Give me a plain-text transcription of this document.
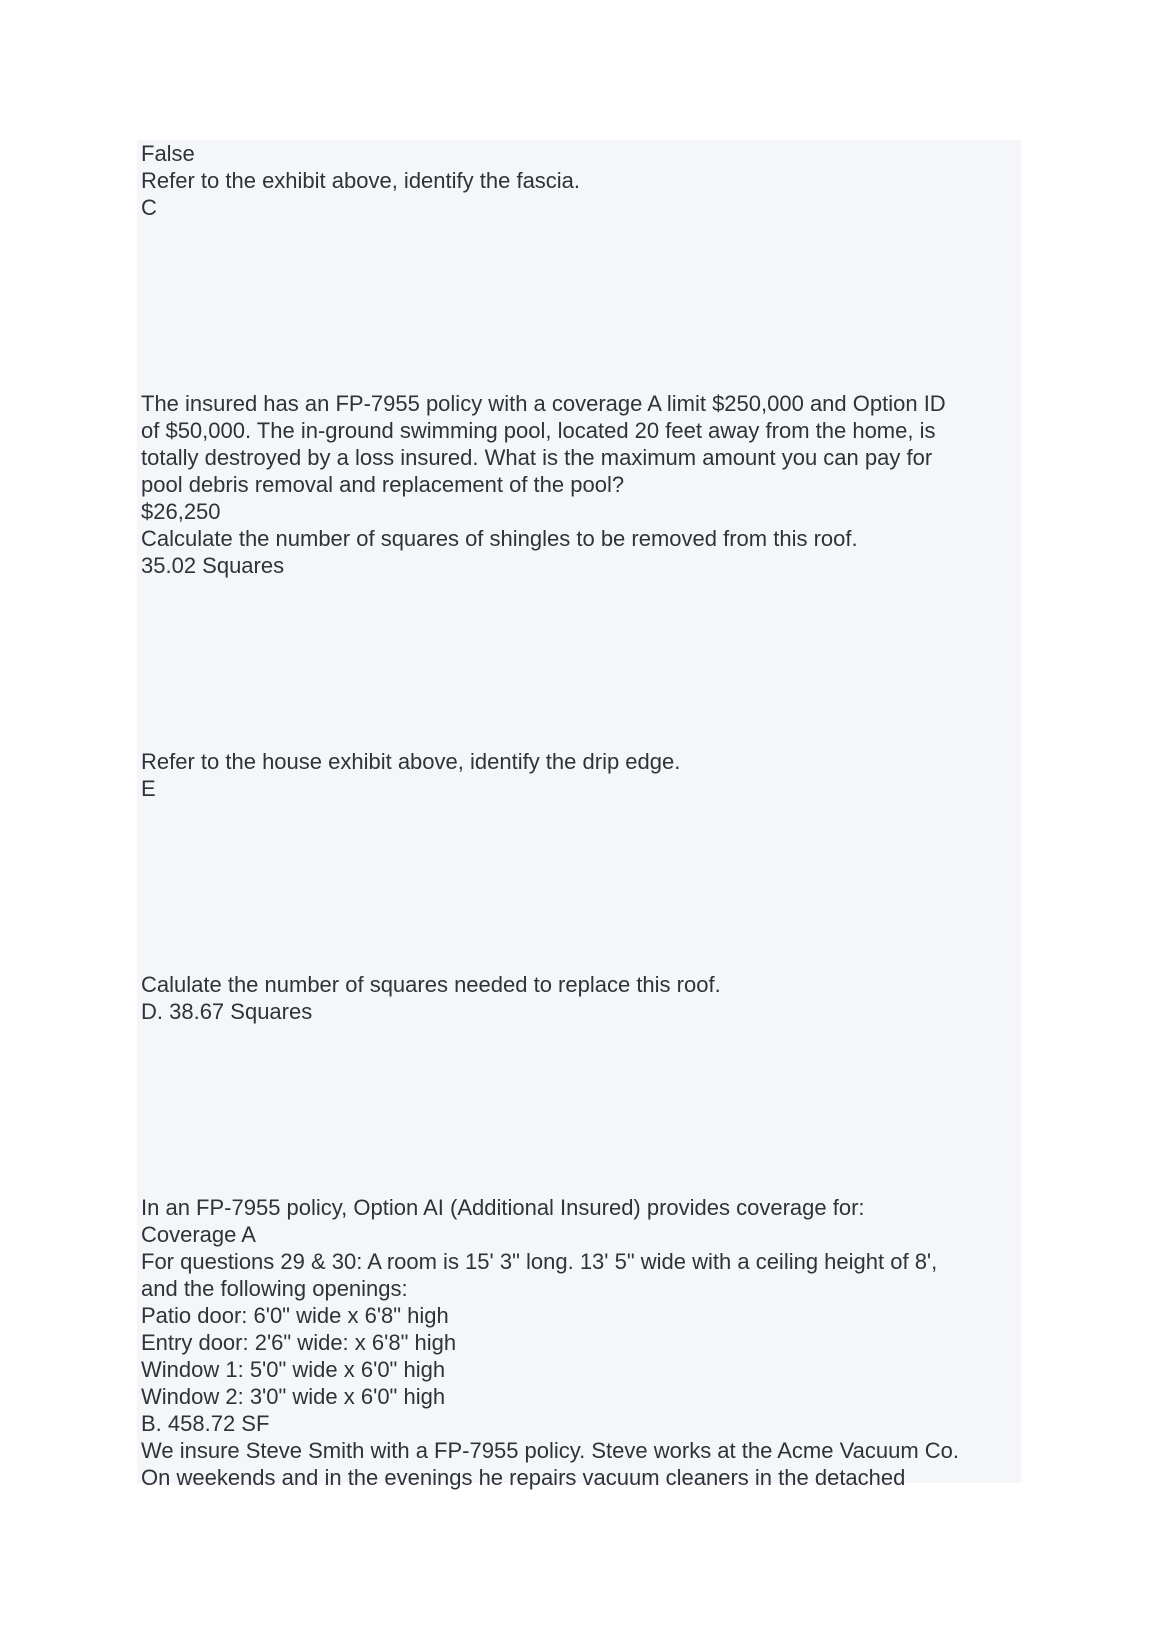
False

Refer to the exhibit above, identify the fascia.

C

The insured has an FP-7955 policy with a coverage A limit $250,000 and Option ID

of $50,000. The in-ground swimming pool, located 20 feet away from the home, is

totally destroyed by a loss insured. What is the maximum amount you can pay for

pool debris removal and replacement of the pool?

$26,250

Calculate the number of squares of shingles to be removed from this roof.

35.02 Squares

Refer to the house exhibit above, identify the drip edge.

E

Calulate the number of squares needed to replace this roof.

D. 38.67 Squares

In an FP-7955 policy, Option AI (Additional Insured) provides coverage for:

Coverage A

For questions 29 & 30: A room is 15' 3" long. 13' 5" wide with a ceiling height of 8',

and the following openings:

Patio door: 6'0" wide x 6'8" high

Entry door: 2'6" wide: x 6'8" high

Window 1: 5'0" wide x 6'0" high

Window 2: 3'0" wide x 6'0" high

B. 458.72 SF

We insure Steve Smith with a FP-7955 policy. Steve works at the Acme Vacuum Co.

On weekends and in the evenings he repairs vacuum cleaners in the detached
